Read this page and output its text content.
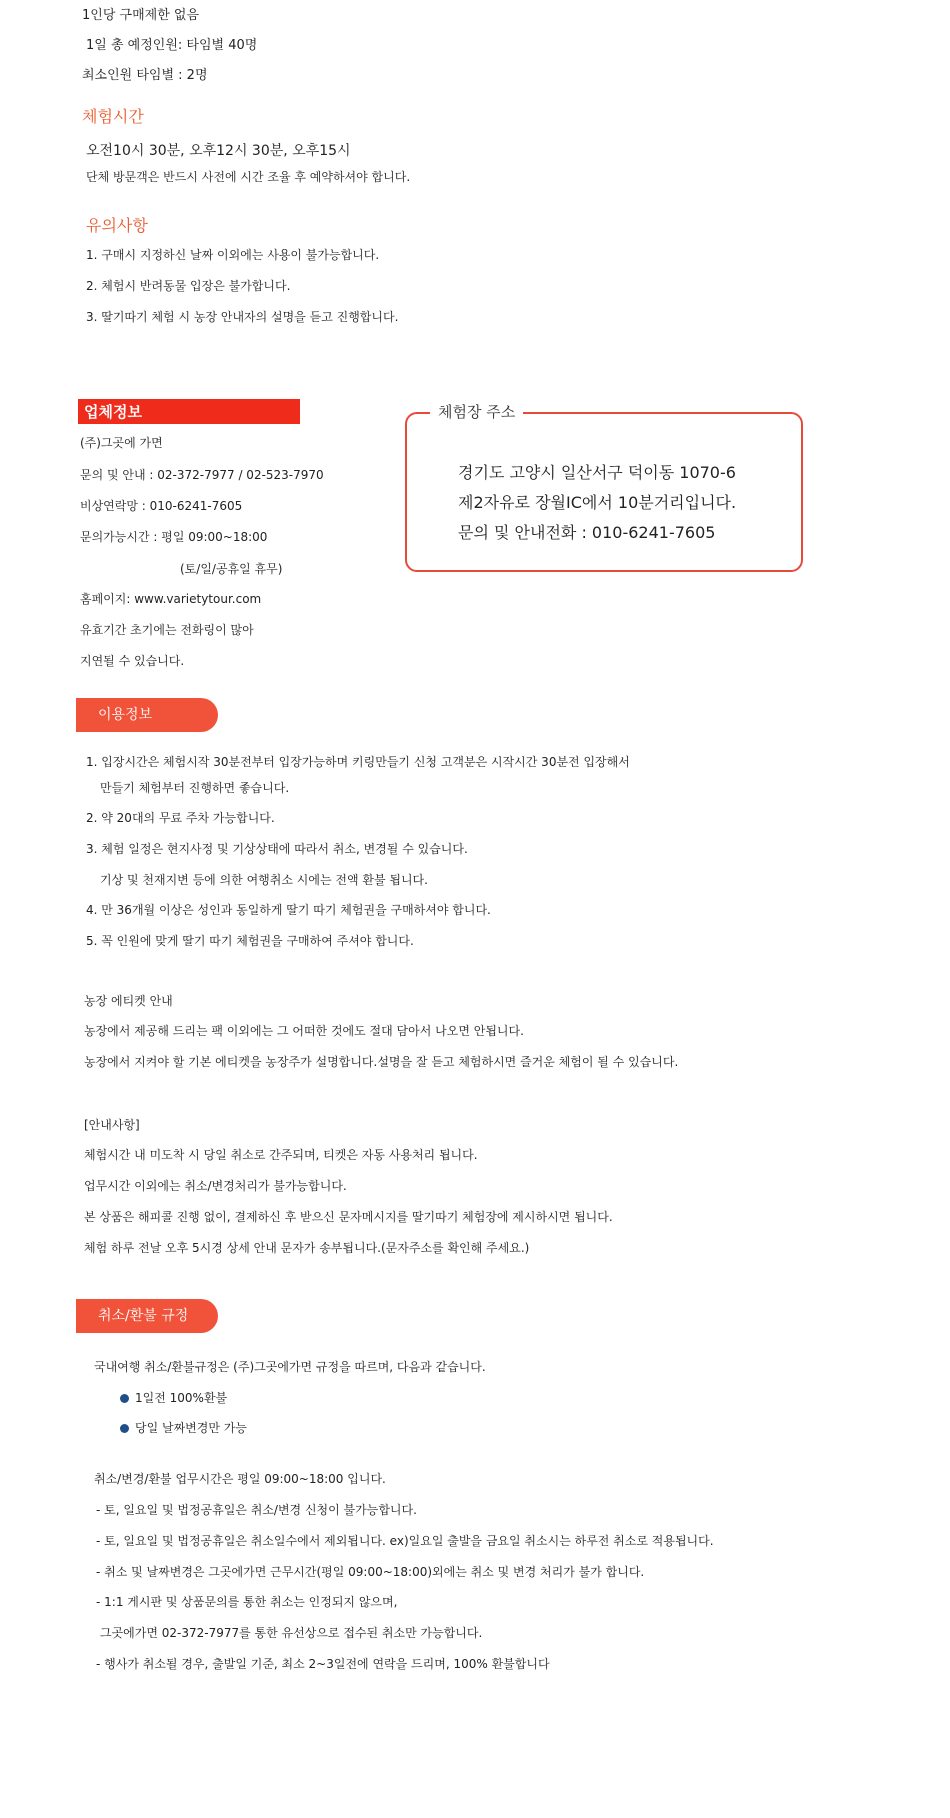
1인당 구매제한 없음
1일 총 예정인원: 타임별 40명
최소인원 타임별 : 2명
체험시간
오전10시 30분, 오후12시 30분, 오후15시
단체 방문객은 반드시 사전에 시간 조율 후 예약하셔야 합니다.
유의사항
1. 구매시 지정하신 날짜 이외에는 사용이 불가능합니다.
2. 체험시 반려동물 입장은 불가합니다.
3. 딸기따기 체험 시 농장 안내자의 설명을 듣고 진행합니다.
업체정보
(주)그곳에 가면
문의 및 안내 : 02-372-7977 / 02-523-7970
비상연락망 : 010-6241-7605
문의가능시간 : 평일 09:00~18:00
(토/일/공휴일 휴무)
홈페이지: www.varietytour.com
유효기간 초기에는 전화링이 많아
지연될 수 있습니다.
체험장 주소
경기도 고양시 일산서구 덕이동 1070-6
제2자유로 장월IC에서 10분거리입니다.
문의 및 안내전화 : 010-6241-7605
이용정보
1. 입장시간은 체험시작 30분전부터 입장가능하며 키링만들기 신청 고객분은 시작시간 30분전 입장해서
만들기 체험부터 진행하면 좋습니다.
2. 약 20대의 무료 주차 가능합니다.
3. 체험 일정은 현지사정 및 기상상태에 따라서 취소, 변경될 수 있습니다.
기상 및 천재지변 등에 의한 여행취소 시에는 전액 환불 됩니다.
4. 만 36개월 이상은 성인과 동일하게 딸기 따기 체험권을 구매하셔야 합니다.
5. 꼭 인원에 맞게 딸기 따기 체험권을 구매하여 주셔야 합니다.
농장 에티켓 안내
농장에서 제공해 드리는 팩 이외에는 그 어떠한 것에도 절대 담아서 나오면 안됩니다.
농장에서 지켜야 할 기본 에티켓을 농장주가 설명합니다.설명을 잘 듣고 체험하시면 즐거운 체험이 될 수 있습니다.
[안내사항]
체험시간 내 미도착 시 당일 취소로 간주되며, 티켓은 자동 사용처리 됩니다.
업무시간 이외에는 취소/변경처리가 불가능합니다.
본 상품은 해피콜 진행 없이, 결제하신 후 받으신 문자메시지를 딸기따기 체험장에 제시하시면 됩니다.
체험 하루 전날 오후 5시경 상세 안내 문자가 송부됩니다.(문자주소를 확인해 주세요.)
취소/환불 규정
국내여행 취소/환불규정은 (주)그곳에가면 규정을 따르며, 다음과 같습니다.
1일전 100%환불
당일 날짜변경만 가능
취소/변경/환불 업무시간은 평일 09:00~18:00 입니다.
- 토, 일요일 및 법정공휴일은 취소/변경 신청이 불가능합니다.
- 토, 일요일 및 법정공휴일은 취소일수에서 제외됩니다. ex)일요일 출발을 금요일 취소시는 하루전 취소로 적용됩니다.
- 취소 및 날짜변경은 그곳에가면 근무시간(평일 09:00~18:00)외에는 취소 및 변경 처리가 불가 합니다.
- 1:1 게시판 및 상품문의를 통한 취소는 인정되지 않으며,
그곳에가면 02-372-7977를 통한 유선상으로 접수된 취소만 가능합니다.
- 행사가 취소될 경우, 출발일 기준, 최소 2~3일전에 연락을 드리며, 100% 환불합니다
